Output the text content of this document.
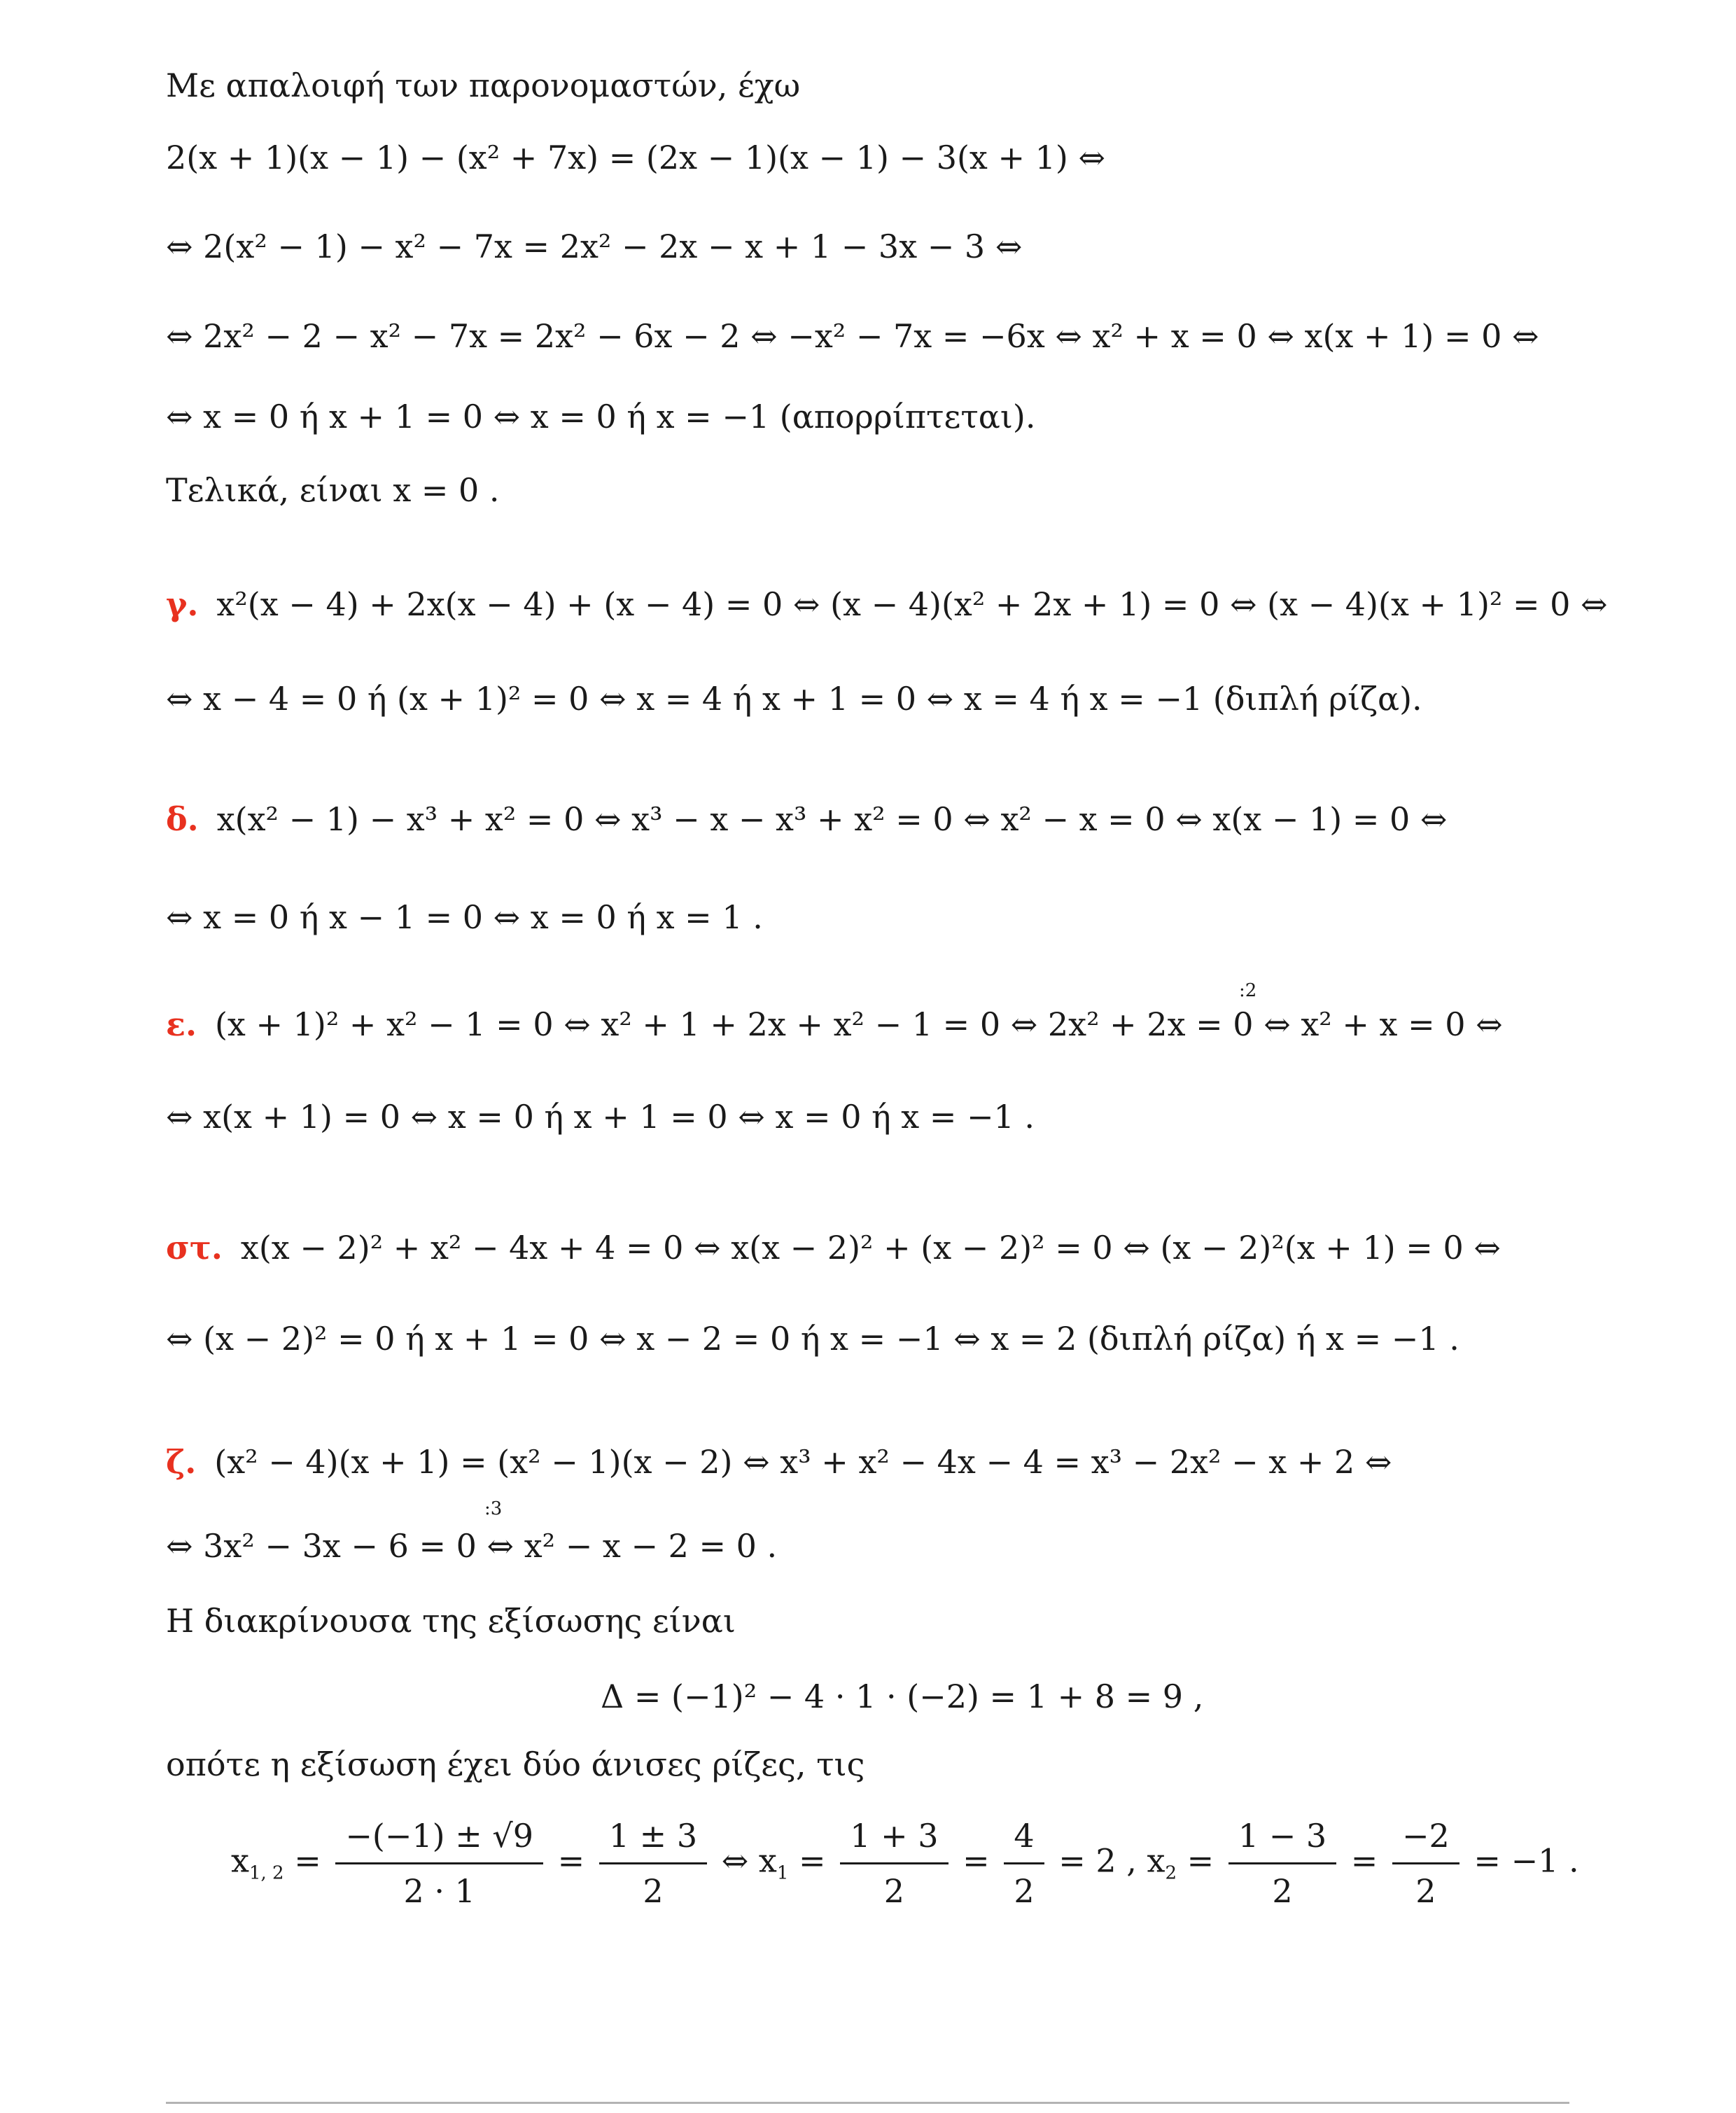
Με απαλοιφή των παρονομαστών, έχω
2(x + 1)(x − 1) − (x² + 7x) = (2x − 1)(x − 1) − 3(x + 1) ⇔
⇔ 2(x² − 1) − x² − 7x = 2x² − 2x − x + 1 − 3x − 3 ⇔
⇔ 2x² − 2 − x² − 7x = 2x² − 6x − 2 ⇔ −x² − 7x = −6x ⇔ x² + x = 0 ⇔ x(x + 1) = 0 ⇔
⇔ x = 0 ή x + 1 = 0 ⇔ x = 0 ή x = −1 (απορρίπτεται).
Τελικά, είναι x = 0 .
γ. x²(x − 4) + 2x(x − 4) + (x − 4) = 0 ⇔ (x − 4)(x² + 2x + 1) = 0 ⇔ (x − 4)(x + 1)² = 0 ⇔
⇔ x − 4 = 0 ή (x + 1)² = 0 ⇔ x = 4 ή x + 1 = 0 ⇔ x = 4 ή x = −1 (διπλή ρίζα).
δ. x(x² − 1) − x³ + x² = 0 ⇔ x³ − x − x³ + x² = 0 ⇔ x² − x = 0 ⇔ x(x − 1) = 0 ⇔
⇔ x = 0 ή x − 1 = 0 ⇔ x = 0 ή x = 1 .
:2
ε. (x + 1)² + x² − 1 = 0 ⇔ x² + 1 + 2x + x² − 1 = 0 ⇔ 2x² + 2x = 0 ⇔ x² + x = 0 ⇔
⇔ x(x + 1) = 0 ⇔ x = 0 ή x + 1 = 0 ⇔ x = 0 ή x = −1 .
στ. x(x − 2)² + x² − 4x + 4 = 0 ⇔ x(x − 2)² + (x − 2)² = 0 ⇔ (x − 2)²(x + 1) = 0 ⇔
⇔ (x − 2)² = 0 ή x + 1 = 0 ⇔ x − 2 = 0 ή x = −1 ⇔ x = 2 (διπλή ρίζα) ή x = −1 .
ζ. (x² − 4)(x + 1) = (x² − 1)(x − 2) ⇔ x³ + x² − 4x − 4 = x³ − 2x² − x + 2 ⇔
:3
⇔ 3x² − 3x − 6 = 0 ⇔ x² − x − 2 = 0 .
Η διακρίνουσα της εξίσωσης είναι
Δ = (−1)² − 4 · 1 · (−2) = 1 + 8 = 9 ,
οπότε η εξίσωση έχει δύο άνισες ρίζες, τις
$x_{1, 2} = \frac{-(-1) \pm √9}{2 \cdot 1} = \frac{1 \pm 3}{2}$ ⇔ $x_1 = \frac{1 + 3}{2} = \frac{4}{2} = 2$ , $x_2 = \frac{1 - 3}{2} = \frac{-2}{2} = -1$ .
